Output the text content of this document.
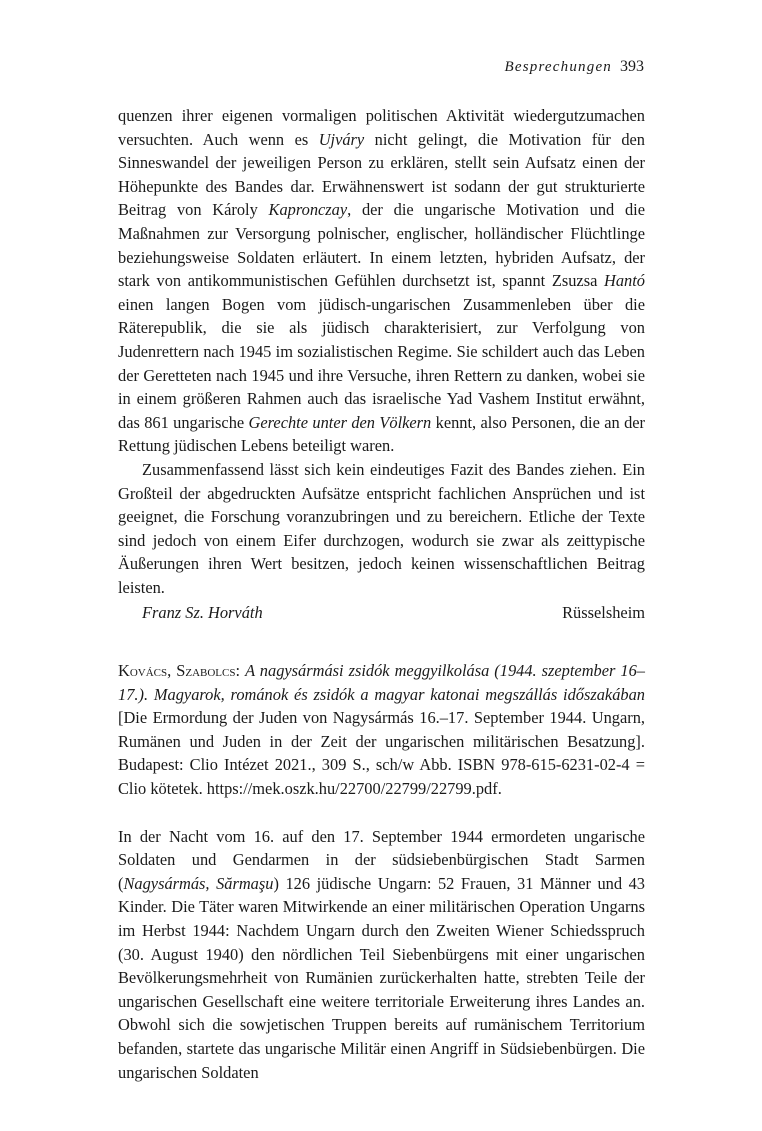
Besprechungen 393

quenzen ihrer eigenen vormaligen politischen Aktivität wiedergutzumachen versuchten. Auch wenn es Ujváry nicht gelingt, die Motivation für den Sinneswandel der jeweiligen Person zu erklären, stellt sein Aufsatz einen der Höhepunkte des Bandes dar. Erwähnenswert ist sodann der gut strukturierte Beitrag von Károly Kapronczay, der die ungarische Motivation und die Maßnahmen zur Versorgung polnischer, englischer, holländischer Flüchtlinge beziehungsweise Soldaten erläutert. In einem letzten, hybriden Aufsatz, der stark von antikommunistischen Gefühlen durchsetzt ist, spannt Zsuzsa Hantó einen langen Bogen vom jüdisch-ungarischen Zusammenleben über die Räterepublik, die sie als jüdisch charakterisiert, zur Verfolgung von Judenrettern nach 1945 im sozialistischen Regime. Sie schildert auch das Leben der Geretteten nach 1945 und ihre Versuche, ihren Rettern zu danken, wobei sie in einem größeren Rahmen auch das israelische Yad Vashem Institut erwähnt, das 861 ungarische Gerechte unter den Völkern kennt, also Personen, die an der Rettung jüdischen Lebens beteiligt waren.

Zusammenfassend lässt sich kein eindeutiges Fazit des Bandes ziehen. Ein Großteil der abgedruckten Aufsätze entspricht fachlichen Ansprüchen und ist geeignet, die Forschung voranzubringen und zu bereichern. Etliche der Texte sind jedoch von einem Eifer durchzogen, wodurch sie zwar als zeittypische Äußerungen ihren Wert besitzen, jedoch keinen wissenschaftlichen Beitrag leisten.

Franz Sz. Horváth	Rüsselsheim

Kovács, Szabolcs: A nagysármási zsidók meggyilkolása (1944. szeptember 16–17.). Magyarok, románok és zsidók a magyar katonai megszállás időszakában [Die Ermordung der Juden von Nagysármás 16.–17. September 1944. Ungarn, Rumänen und Juden in der Zeit der ungarischen militärischen Besatzung]. Budapest: Clio Intézet 2021., 309 S., sch/w Abb. ISBN 978-615-6231-02-4 = Clio kötetek. https://mek.oszk.hu/22700/22799/22799.pdf.

In der Nacht vom 16. auf den 17. September 1944 ermordeten ungarische Soldaten und Gendarmen in der südsiebenbürgischen Stadt Sarmen (Nagysármás, Sărmaşu) 126 jüdische Ungarn: 52 Frauen, 31 Männer und 43 Kinder. Die Täter waren Mitwirkende an einer militärischen Operation Ungarns im Herbst 1944: Nachdem Ungarn durch den Zweiten Wiener Schiedsspruch (30. August 1940) den nördlichen Teil Siebenbürgens mit einer ungarischen Bevölkerungsmehrheit von Rumänien zurückerhalten hatte, strebten Teile der ungarischen Gesellschaft eine weitere territoriale Erweiterung ihres Landes an. Obwohl sich die sowjetischen Truppen bereits auf rumänischem Territorium befanden, startete das ungarische Militär einen Angriff in Südsiebenbürgen. Die ungarischen Soldaten
